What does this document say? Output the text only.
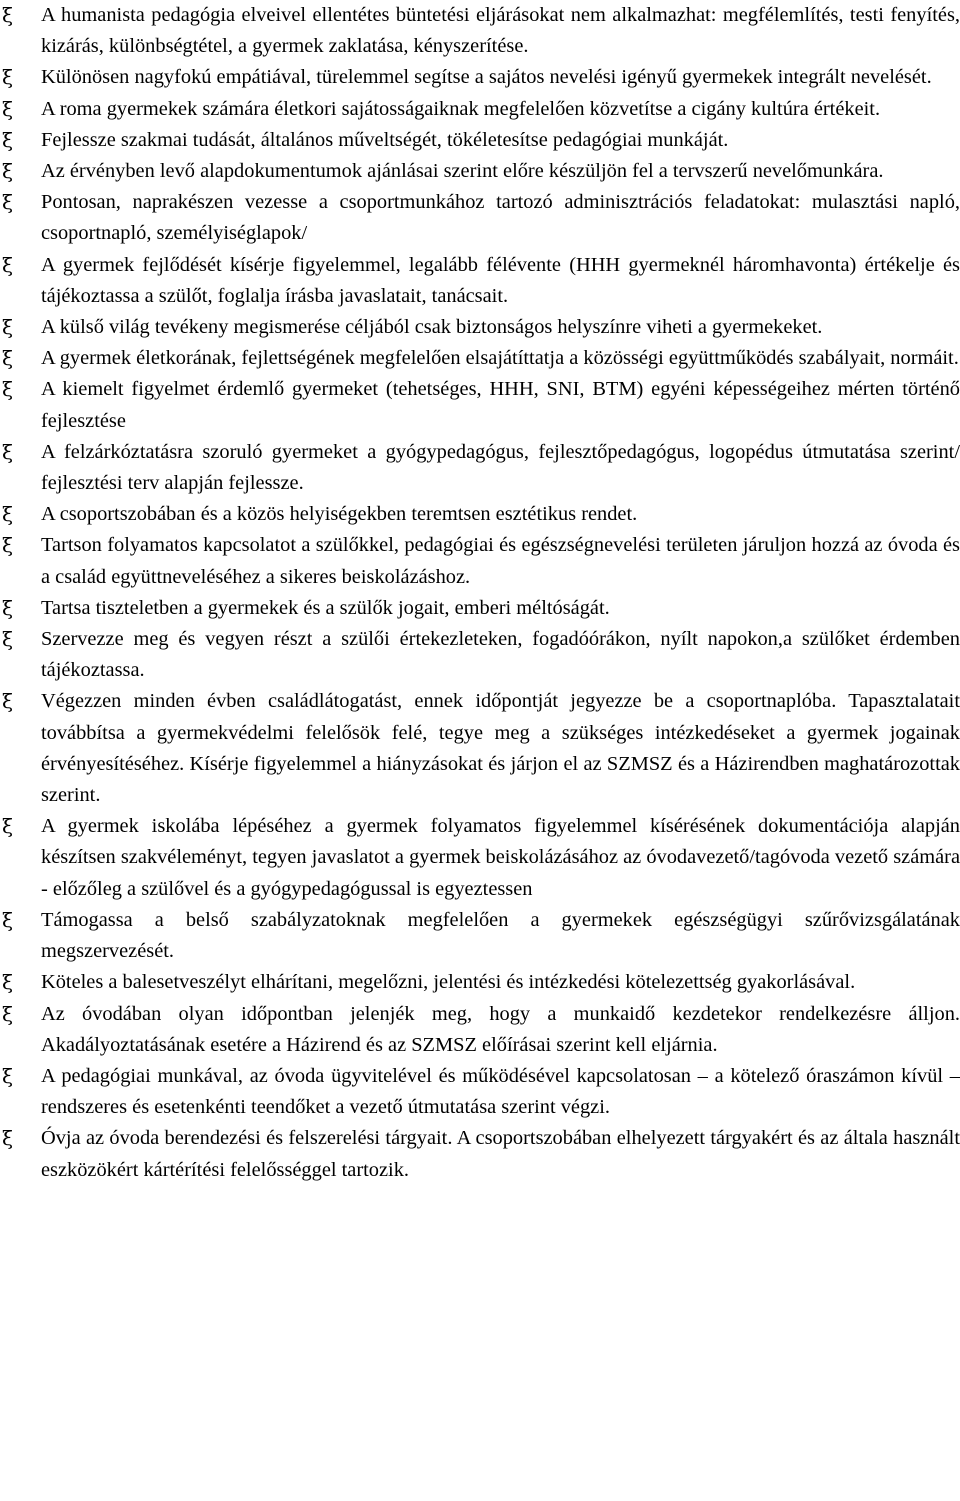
ξ A humanista pedagógia elveivel ellentétes büntetési eljárásokat nem alkalmazhat: megfélemlítés, testi fenyítés, kizárás, különbségtétel, a gyermek zaklatása, kényszerítése.
ξ Különösen nagyfokú empátiával, türelemmel segítse a sajátos nevelési igényű gyermekek integrált nevelését.
ξ A roma gyermekek számára életkori sajátosságaiknak megfelelően közvetítse a cigány kultúra értékeit.
ξ Fejlessze szakmai tudását, általános műveltségét, tökéletesítse pedagógiai munkáját.
ξ Az érvényben levő alapdokumentumok ajánlásai szerint előre készüljön fel a tervszerű nevelőmunkára.
ξ Pontosan, naprakészen vezesse a csoportmunkához tartozó adminisztrációs feladatokat: mulasztási napló, csoportnapló, személyiséglapok/
ξ A gyermek fejlődését kísérje figyelemmel, legalább félévente (HHH gyermeknél háromhavonta) értékelje és tájékoztassa a szülőt, foglalja írásba javaslatait, tanácsait.
ξ A külső világ tevékeny megismerése céljából csak biztonságos helyszínre viheti a gyermekeket.
ξ A gyermek életkorának, fejlettségének megfelelően elsajátíttatja a közösségi együttműködés szabályait, normáit.
ξ A kiemelt figyelmet érdemlő gyermeket (tehetséges, HHH, SNI, BTM) egyéni képességeihez mérten történő fejlesztése
ξ A felzárkóztatásra szoruló gyermeket a gyógypedagógus, fejlesztőpedagógus, logopédus útmutatása szerint/ fejlesztési terv alapján fejlessze.
ξ A csoportszobában és a közös helyiségekben teremtsen esztétikus rendet.
ξ Tartson folyamatos kapcsolatot a szülőkkel, pedagógiai és egészségnevelési területen járuljon hozzá az óvoda és a család együttneveléséhez a sikeres beiskolázáshoz.
ξ Tartsa tiszteletben a gyermekek és a szülők jogait, emberi méltóságát.
ξ Szervezze meg és vegyen részt a szülői értekezleteken, fogadóórákon, nyílt napokon,a szülőket érdemben tájékoztassa.
ξ Végezzen minden évben családlátogatást, ennek időpontját jegyezze be a csoportnaplóba. Tapasztalatait továbbítsa a gyermekvédelmi felelősök felé, tegye meg a szükséges intézkedéseket a gyermek jogainak érvényesítéséhez. Kísérje figyelemmel a hiányzásokat és járjon el az SZMSZ és a Házirendben maghatározottak szerint.
ξ A gyermek iskolába lépéséhez a gyermek folyamatos figyelemmel kísérésének dokumentációja alapján készítsen szakvéleményt, tegyen javaslatot a gyermek beiskolázásához az óvodavezető/tagóvoda vezető számára - előzőleg a szülővel és a gyógypedagógussal is egyeztessen
ξ Támogassa a belső szabályzatoknak megfelelően a gyermekek egészségügyi szűrővizsgálatának megszervezését.
ξ Köteles a balesetveszélyt elhárítani, megelőzni, jelentési és intézkedési kötelezettség gyakorlásával.
ξ Az óvodában olyan időpontban jelenjék meg, hogy a munkaidő kezdetekor rendelkezésre álljon. Akadályoztatásának esetére a Házirend és az SZMSZ előírásai szerint kell eljárnia.
ξ A pedagógiai munkával, az óvoda ügyvitelével és működésével kapcsolatosan – a kötelező óraszámon kívül – rendszeres és esetenkénti teendőket a vezető útmutatása szerint végzi.
ξ Óvja az óvoda berendezési és felszerelési tárgyait. A csoportszobában elhelyezett tárgyakért és az általa használt eszközökért kártérítési felelősséggel tartozik.
